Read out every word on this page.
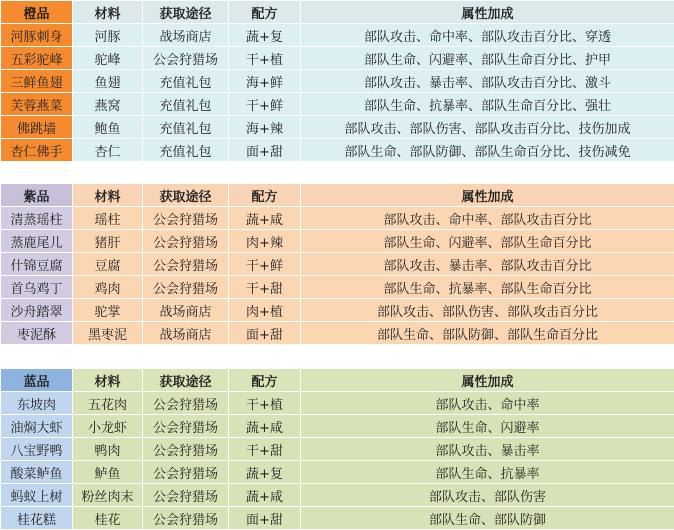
橙品	材料	获取途径	配方	属性加成
河豚刺身	河豚	战场商店	蔬+复	部队攻击、命中率、部队攻击百分比、穿透
五彩驼峰	驼峰	公会狩猎场	干+植	部队生命、闪避率、部队生命百分比、护甲
三鲜鱼翅	鱼翅	充值礼包	海+鲜	部队攻击、暴击率、部队攻击百分比、激斗
芙蓉燕菜	燕窝	充值礼包	干+鲜	部队生命、抗暴率、部队生命百分比、强壮
佛跳墙	鲍鱼	充值礼包	海+辣	部队攻击、部队伤害、部队攻击百分比、技伤加成
杏仁佛手	杏仁	充值礼包	面+甜	部队生命、部队防御、部队生命百分比、技伤减免
紫品	材料	获取途径	配方	属性加成
清蒸瑶柱	瑶柱	公会狩猎场	蔬+咸	部队攻击、命中率、部队攻击百分比
蒸鹿尾儿	猪肝	公会狩猎场	肉+辣	部队生命、闪避率、部队生命百分比
什锦豆腐	豆腐	公会狩猎场	干+鲜	部队攻击、暴击率、部队攻击百分比
首乌鸡丁	鸡肉	公会狩猎场	干+甜	部队生命、抗暴率、部队生命百分比
沙舟踏翠	驼掌	战场商店	肉+植	部队攻击、部队伤害、部队攻击百分比
枣泥酥	黑枣泥	战场商店	面+甜	部队生命、部队防御、部队生命百分比
蓝品	材料	获取途径	配方	属性加成
东坡肉	五花肉	公会狩猎场	干+植	部队攻击、命中率
油焖大虾	小龙虾	公会狩猎场	蔬+咸	部队生命、闪避率
八宝野鸭	鸭肉	公会狩猎场	干+甜	部队攻击、暴击率
酸菜鲈鱼	鲈鱼	公会狩猎场	蔬+复	部队生命、抗暴率
蚂蚁上树	粉丝肉末	公会狩猎场	蔬+咸	部队攻击、部队伤害
桂花糕	桂花	公会狩猎场	面+甜	部队生命、部队防御
